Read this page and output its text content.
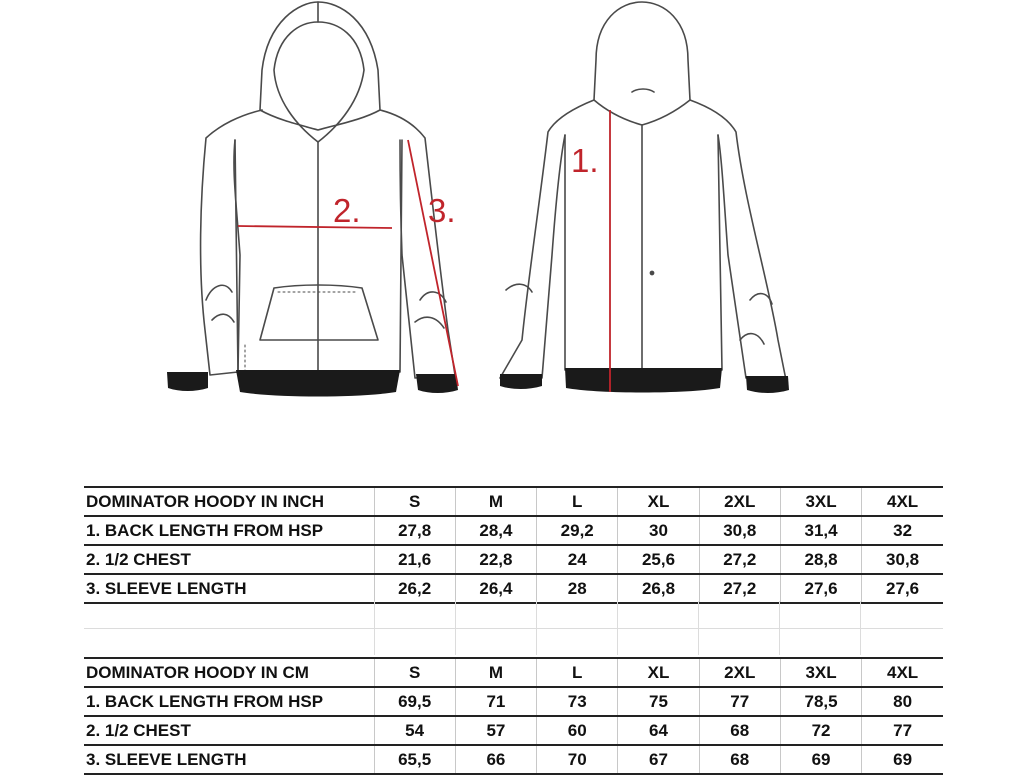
2. 3.
1.
DOMINATOR HOODY IN INCH	S	M	L	XL	2XL	3XL	4XL
1. BACK LENGTH FROM HSP	27,8	28,4	29,2	30	30,8	31,4	32
2. 1/2 CHEST	21,6	22,8	24	25,6	27,2	28,8	30,8
3. SLEEVE LENGTH	26,2	26,4	28	26,8	27,2	27,6	27,6
DOMINATOR HOODY IN CM	S	M	L	XL	2XL	3XL	4XL
1. BACK LENGTH FROM HSP	69,5	71	73	75	77	78,5	80
2. 1/2 CHEST	54	57	60	64	68	72	77
3. SLEEVE LENGTH	65,5	66	70	67	68	69	69
